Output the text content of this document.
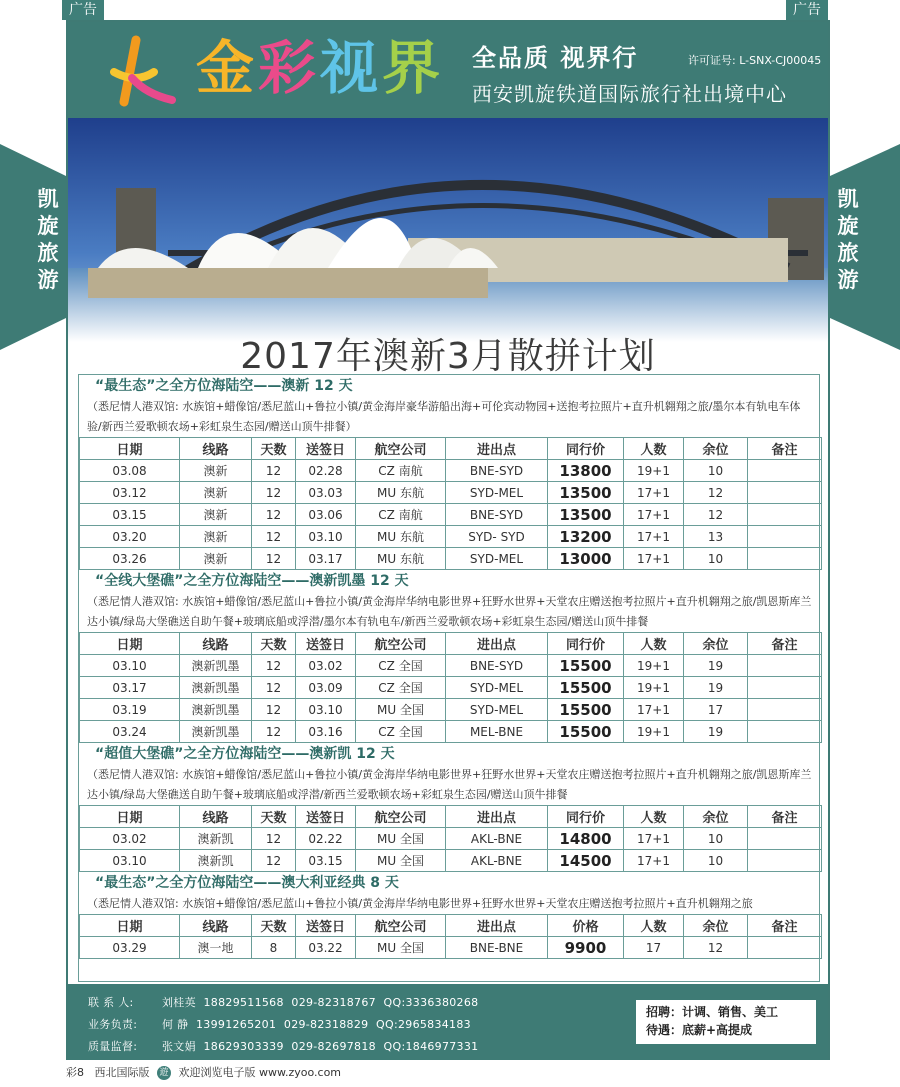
广告	广告
凯
旋
旅
游
凯
旋
旅
游
金彩视界 全品质 视界行	许可证号: L-SNX-CJ00045
西安凯旋铁道国际旅行社出境中心
2017年澳新3月散拼计划
“最生态”之全方位海陆空——澳新 12 天
（悉尼情人港双馆: 水族馆+蜡像馆/悉尼蓝山+鲁拉小镇/黄金海岸豪华游船出海+可伦宾动物园+送抱考拉照片+直升机翱翔之旅/墨尔本有轨电车体验/新西兰爱歌顿农场+彩虹泉生态园/赠送山顶牛排餐）
日期	线路	天数	送签日	航空公司	进出点	同行价	人数	余位	备注
03.08	澳新	12	02.28	CZ 南航	BNE-SYD	13800	19+1	10	
03.12	澳新	12	03.03	MU 东航	SYD-MEL	13500	17+1	12	
03.15	澳新	12	03.06	CZ 南航	BNE-SYD	13500	17+1	12	
03.20	澳新	12	03.10	MU 东航	SYD- SYD	13200	17+1	13	
03.26	澳新	12	03.17	MU 东航	SYD-MEL	13000	17+1	10	
“全线大堡礁”之全方位海陆空——澳新凯墨 12 天
（悉尼情人港双馆: 水族馆+蜡像馆/悉尼蓝山+鲁拉小镇/黄金海岸华纳电影世界+狂野水世界+天堂农庄赠送抱考拉照片+直升机翱翔之旅/凯恩斯库兰达小镇/绿岛大堡礁送自助午餐+玻璃底船或浮潜/墨尔本有轨电车/新西兰爱歌顿农场+彩虹泉生态园/赠送山顶牛排餐
日期	线路	天数	送签日	航空公司	进出点	同行价	人数	余位	备注
03.10	澳新凯墨	12	03.02	CZ 全国	BNE-SYD	15500	19+1	19	
03.17	澳新凯墨	12	03.09	CZ 全国	SYD-MEL	15500	19+1	19	
03.19	澳新凯墨	12	03.10	MU 全国	SYD-MEL	15500	17+1	17	
03.24	澳新凯墨	12	03.16	CZ 全国	MEL-BNE	15500	19+1	19	
“超值大堡礁”之全方位海陆空——澳新凯 12 天
（悉尼情人港双馆: 水族馆+蜡像馆/悉尼蓝山+鲁拉小镇/黄金海岸华纳电影世界+狂野水世界+天堂农庄赠送抱考拉照片+直升机翱翔之旅/凯恩斯库兰达小镇/绿岛大堡礁送自助午餐+玻璃底船或浮潜/新西兰爱歌顿农场+彩虹泉生态园/赠送山顶牛排餐
日期	线路	天数	送签日	航空公司	进出点	同行价	人数	余位	备注
03.02	澳新凯	12	02.22	MU 全国	AKL-BNE	14800	17+1	10	
03.10	澳新凯	12	03.15	MU 全国	AKL-BNE	14500	17+1	10	
“最生态”之全方位海陆空——澳大利亚经典 8 天
（悉尼情人港双馆: 水族馆+蜡像馆/悉尼蓝山+鲁拉小镇/黄金海岸华纳电影世界+狂野水世界+天堂农庄赠送抱考拉照片+直升机翱翔之旅
日期	线路	天数	送签日	航空公司	进出点	价格	人数	余位	备注
03.29	澳一地	8	03.22	MU 全国	BNE-BNE	9900	17	12	
联 系 人:	刘桂英 18829511568 029-82318767 QQ:3336380268
业务负责: 何 静 13991265201 029-82318829 QQ:2965834183
质量监督: 张文娟 18629303339 029-82697818 QQ:1846977331
招聘：计调、销售、美工
待遇：底薪+高提成
彩8 西北国际版 遊 欢迎浏览电子版 www.zyoo.com
